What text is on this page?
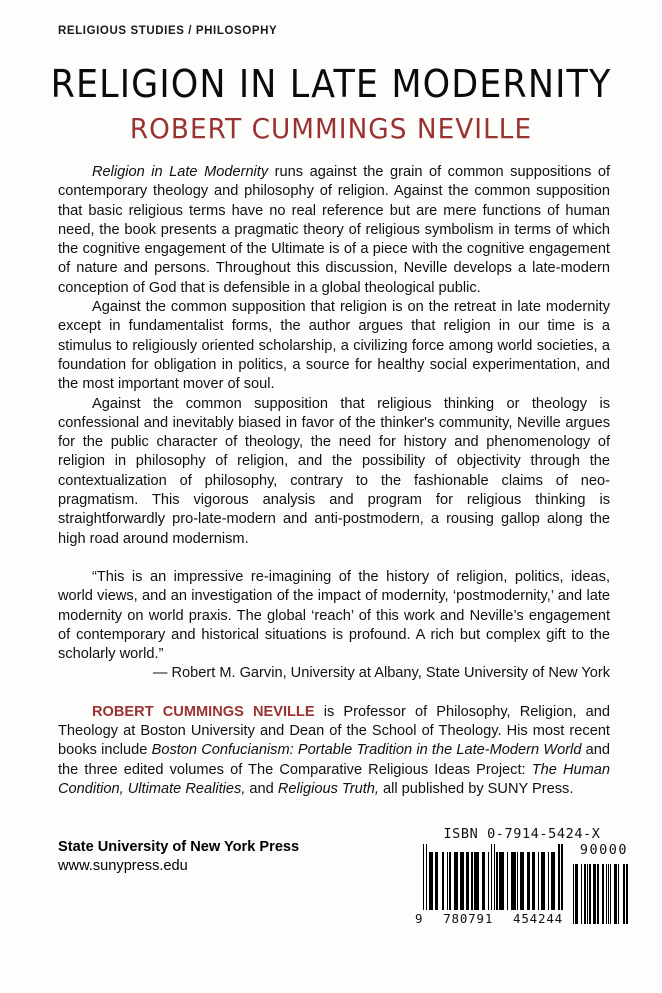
RELIGIOUS STUDIES / PHILOSOPHY
RELIGION IN LATE MODERNITY
ROBERT CUMMINGS NEVILLE

Religion in Late Modernity runs against the grain of common suppositions of contemporary theology and philosophy of religion. Against the common supposition that basic religious terms have no real reference but are mere functions of human need, the book presents a pragmatic theory of religious symbolism in terms of which the cognitive engagement of the Ultimate is of a piece with the cognitive engagement of nature and persons. Throughout this discussion, Neville develops a late-modern conception of God that is defensible in a global theological public.

Against the common supposition that religion is on the retreat in late modernity except in fundamentalist forms, the author argues that religion in our time is a stimulus to religiously oriented scholarship, a civilizing force among world societies, a foundation for obligation in politics, a source for healthy social experimentation, and the most important mover of soul.

Against the common supposition that religious thinking or theology is confessional and inevitably biased in favor of the thinker's community, Neville argues for the public character of theology, the need for history and phenomenology of religion in philosophy of religion, and the possibility of objectivity through the contextualization of philosophy, contrary to the fashionable claims of neo-pragmatism. This vigorous analysis and program for religious thinking is straightforwardly pro-late-modern and anti-postmodern, a rousing gallop along the high road around modernism.

“This is an impressive re-imagining of the history of religion, politics, ideas, world views, and an investigation of the impact of modernity, ‘postmodernity,’ and late modernity on world praxis. The global ‘reach’ of this work and Neville’s engagement of contemporary and historical situations is profound. A rich but complex gift to the scholarly world.”

— Robert M. Garvin, University at Albany, State University of New York

ROBERT CUMMINGS NEVILLE is Professor of Philosophy, Religion, and Theology at Boston University and Dean of the School of Theology. His most recent books include Boston Confucianism: Portable Tradition in the Late-Modern World and the three edited volumes of The Comparative Religious Ideas Project: The Human Condition, Ultimate Realities, and Religious Truth, all published by SUNY Press.

State University of New York Press
www.sunypress.edu
ISBN 0-7914-5424-X
9 780791 454244
90000
